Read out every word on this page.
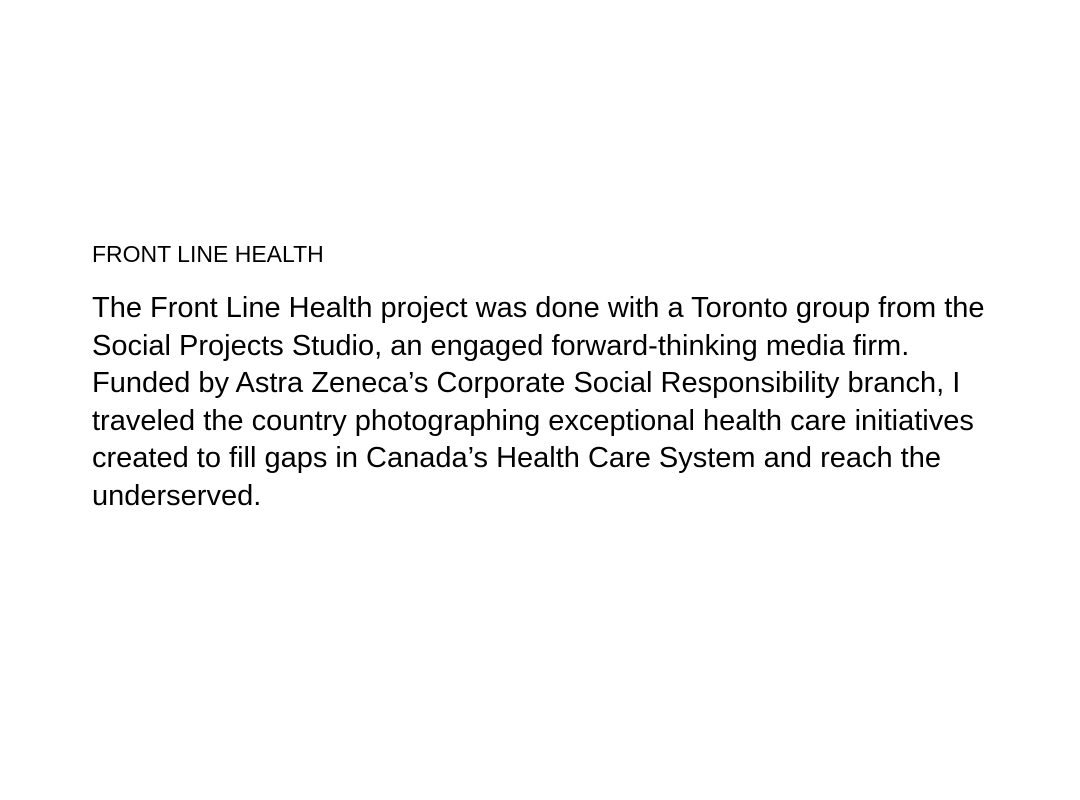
FRONT LINE HEALTH

The Front Line Health project was done with a Toronto group from the Social Projects Studio, an engaged forward-thinking media firm. Funded by Astra Zeneca’s Corporate Social Responsibility branch, I traveled the country photographing exceptional health care initiatives created to fill gaps in Canada’s Health Care System and reach the underserved.
